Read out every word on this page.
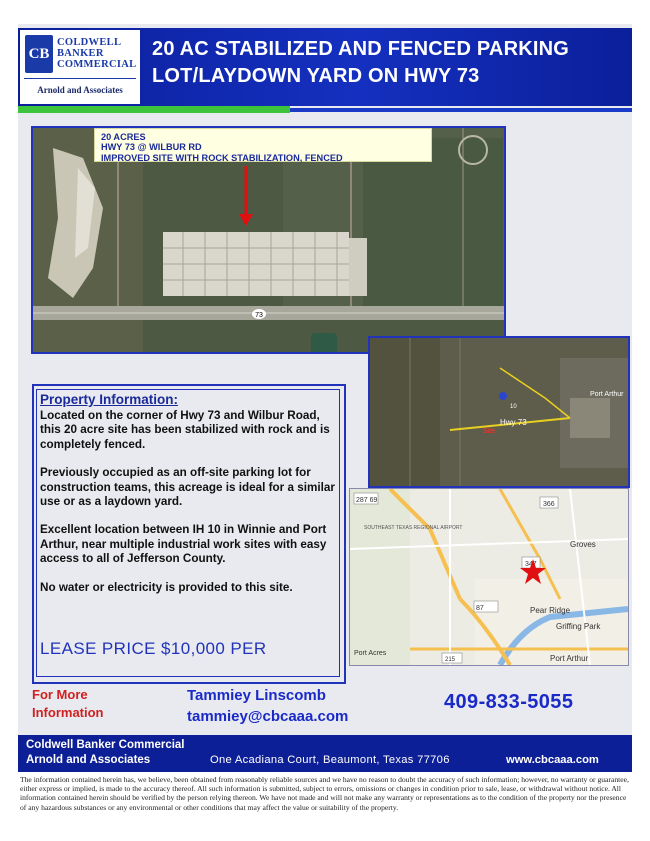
CB
COLDWELL
BANKER
COMMERCIAL
Arnold and Associates
20 AC STABILIZED AND FENCED PARKING
LOT/LAYDOWN YARD ON HWY 73
73
20 ACRES
HWY 73 @ WILBUR RD
IMPROVED SITE WITH ROCK STABILIZATION, FENCED
10
Hwy 73
Site
Port Arthur
287 69
366
SOUTHEAST TEXAS REGIONAL AIRPORT
Groves
347
87	Pear Ridge
Griffing Park
Port Acres
215	Port Arthur
Property Information:

Located on the corner of Hwy 73 and Wilbur Road, this 20 acre site has been stabilized with rock and is completely fenced.

Previously occupied as an off-site parking lot for construction teams, this acreage is ideal for a similar use or as a laydown yard.

Excellent location between IH 10 in Winnie and Port Arthur, near multiple industrial work sites with easy access to all of Jefferson County.

No water or electricity is provided to this site.

LEASE PRICE $10,000 PER
For More
Information
Tammiey Linscomb
tammiey@cbcaaa.com
409-833-5055
Coldwell Banker Commercial
Arnold and Associates	One Acadiana Court, Beaumont, Texas 77706	www.cbcaaa.com
The information contained herein has, we believe, been obtained from reasonably reliable sources and we have no reason to doubt the accuracy of such information; however, no warranty or guarantee, either express or implied, is made to the accuracy thereof. All such information is submitted, subject to errors, omissions or changes in condition prior to sale, lease, or withdrawal without notice. All information contained herein should be verified by the person relying thereon. We have not made and will not make any warranty or representations as to the condition of the property nor the presence of any hazardous substances or any environmental or other conditions that may affect the value or suitability of the property.
